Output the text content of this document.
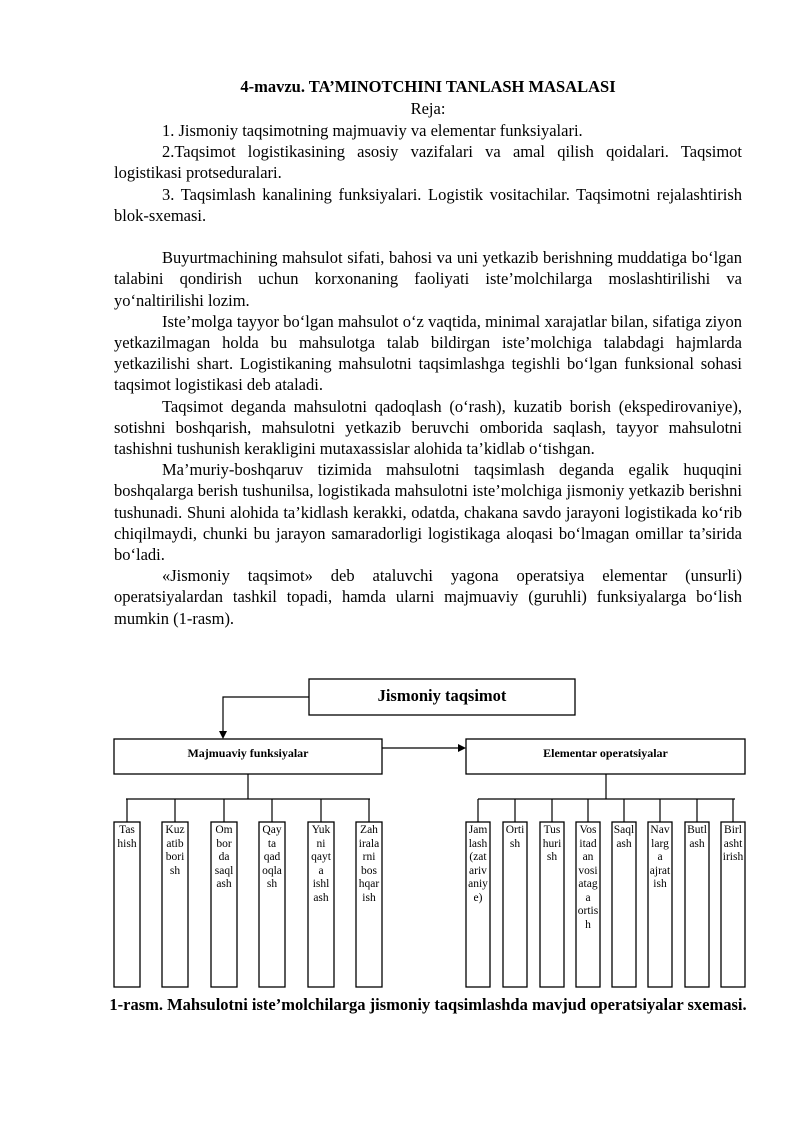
4-mavzu. TA’MINOTCHINI TANLASH MASALASI
Reja:

1. Jismoniy taqsimotning majmuaviy va elementar funksiyalari.

2.Taqsimot logistikasining asosiy vazifalari va amal qilish qoidalari. Taqsimot logistikasi protseduralari.

3. Taqsimlash kanalining funksiyalari. Logistik vositachilar. Taqsimotni rejalashtirish blok-sxemasi.

Buyurtmachining mahsulot sifati, bahosi va uni yetkazib berishning muddatiga bo‘lgan talabini qondirish uchun korxonaning faoliyati iste’molchilarga moslashtirilishi va yo‘naltirilishi lozim.

Iste’molga tayyor bo‘lgan mahsulot o‘z vaqtida, minimal xarajatlar bilan, sifatiga ziyon yetkazilmagan holda bu mahsulotga talab bildirgan iste’molchiga talabdagi hajmlarda yetkazilishi shart. Logistikaning mahsulotni taqsimlashga tegishli bo‘lgan funksional sohasi taqsimot logistikasi deb ataladi.

Taqsimot deganda mahsulotni qadoqlash (o‘rash), kuzatib borish (ekspedirovaniye), sotishni boshqarish, mahsulotni yetkazib beruvchi omborida saqlash, tayyor mahsulotni tashishni tushunish kerakligini mutaxassislar alohida ta’kidlab o‘tishgan.

Ma’muriy-boshqaruv tizimida mahsulotni taqsimlash deganda egalik huquqini boshqalarga berish tushunilsa, logistikada mahsulotni iste’molchiga jismoniy yetkazib berishni tushunadi. Shuni alohida ta’kidlash kerakki, odatda, chakana savdo jarayoni logistikada ko‘rib chiqilmaydi, chunki bu jarayon samaradorligi logistikaga aloqasi bo‘lmagan omillar ta’sirida bo‘ladi.

«Jismoniy taqsimot» deb ataluvchi yagona operatsiya elementar (unsurli) operatsiyalardan tashkil topadi, hamda ularni majmuaviy (guruhli) funksiyalarga bo‘lish mumkin (1-rasm).

Jismoniy taqsimot
Majmuaviy funksiyalar	Elementar operatsiyalar
Tas
hish
Kuz
atib
bori
sh
Om
bor
da
saql
ash
Qay
ta
qad
oqla
sh
Yuk
ni
qayt
a
ishl
ash
Zah
irala
rni
bos
hqar
ish
Jam
lash
(zat
ariv
aniy
e)
Orti
sh
Tus
huri
sh
Vos
itad
an
vosi
atag
a
ortis
h
Saql
ash
Nav
larg
a
ajrat
ish
Butl
ash
Birl
asht
irish
1-rasm. Mahsulotni iste’molchilarga jismoniy taqsimlashda mavjud operatsiyalar sxemasi.
